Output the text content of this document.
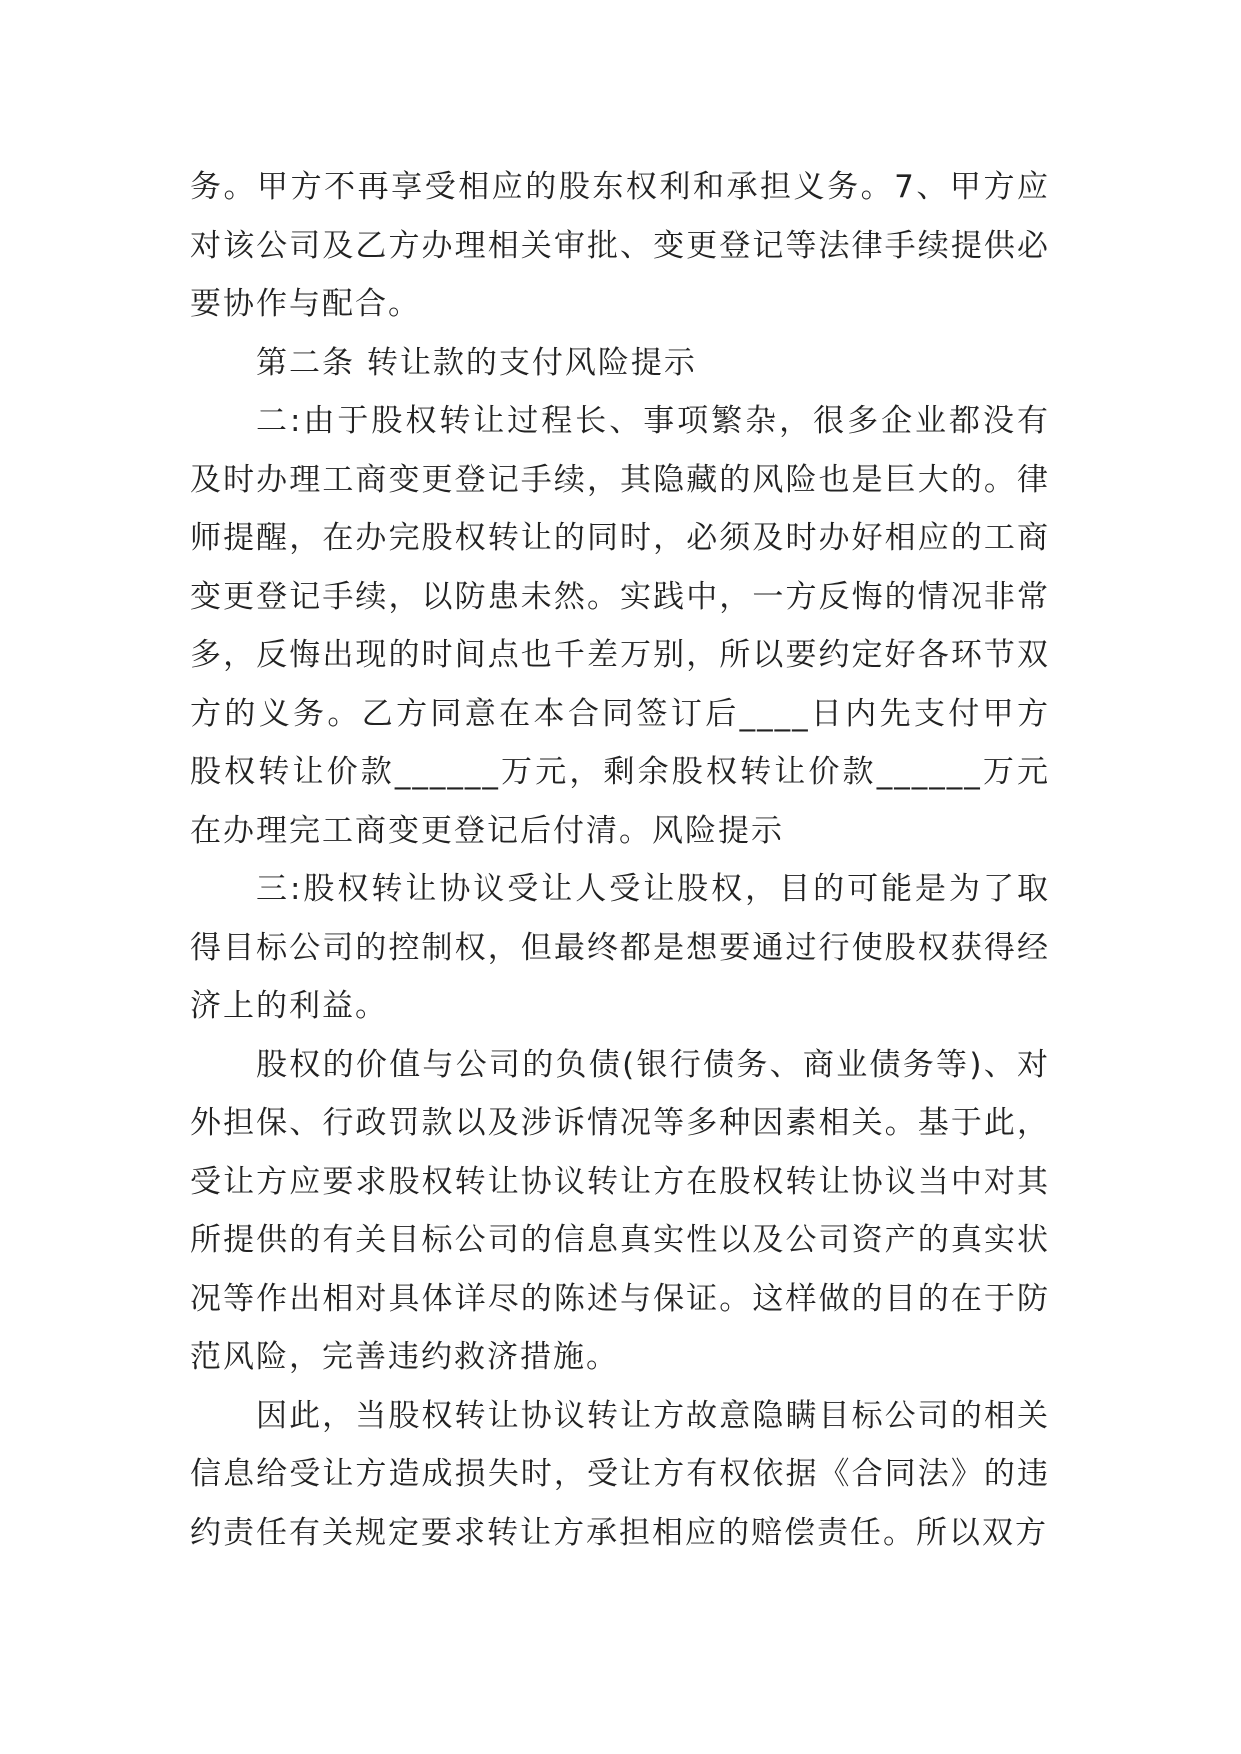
务。甲方不再享受相应的股东权利和承担义务。7、甲方应对该公司及乙方办理相关审批、变更登记等法律手续提供必要协作与配合。

第二条 转让款的支付风险提示

二:由于股权转让过程长、事项繁杂，很多企业都没有及时办理工商变更登记手续，其隐藏的风险也是巨大的。律师提醒，在办完股权转让的同时，必须及时办好相应的工商变更登记手续，以防患未然。实践中，一方反悔的情况非常多，反悔出现的时间点也千差万别，所以要约定好各环节双方的义务。乙方同意在本合同签订后____日内先支付甲方股权转让价款______万元，剩余股权转让价款______万元在办理完工商变更登记后付清。风险提示

三:股权转让协议受让人受让股权，目的可能是为了取得目标公司的控制权，但最终都是想要通过行使股权获得经济上的利益。

股权的价值与公司的负债(银行债务、商业债务等)、对外担保、行政罚款以及涉诉情况等多种因素相关。基于此，受让方应要求股权转让协议转让方在股权转让协议当中对其所提供的有关目标公司的信息真实性以及公司资产的真实状况等作出相对具体详尽的陈述与保证。这样做的目的在于防范风险，完善违约救济措施。

因此，当股权转让协议转让方故意隐瞒目标公司的相关信息给受让方造成损失时，受让方有权依据《合同法》的违约责任有关规定要求转让方承担相应的赔偿责任。所以双方
